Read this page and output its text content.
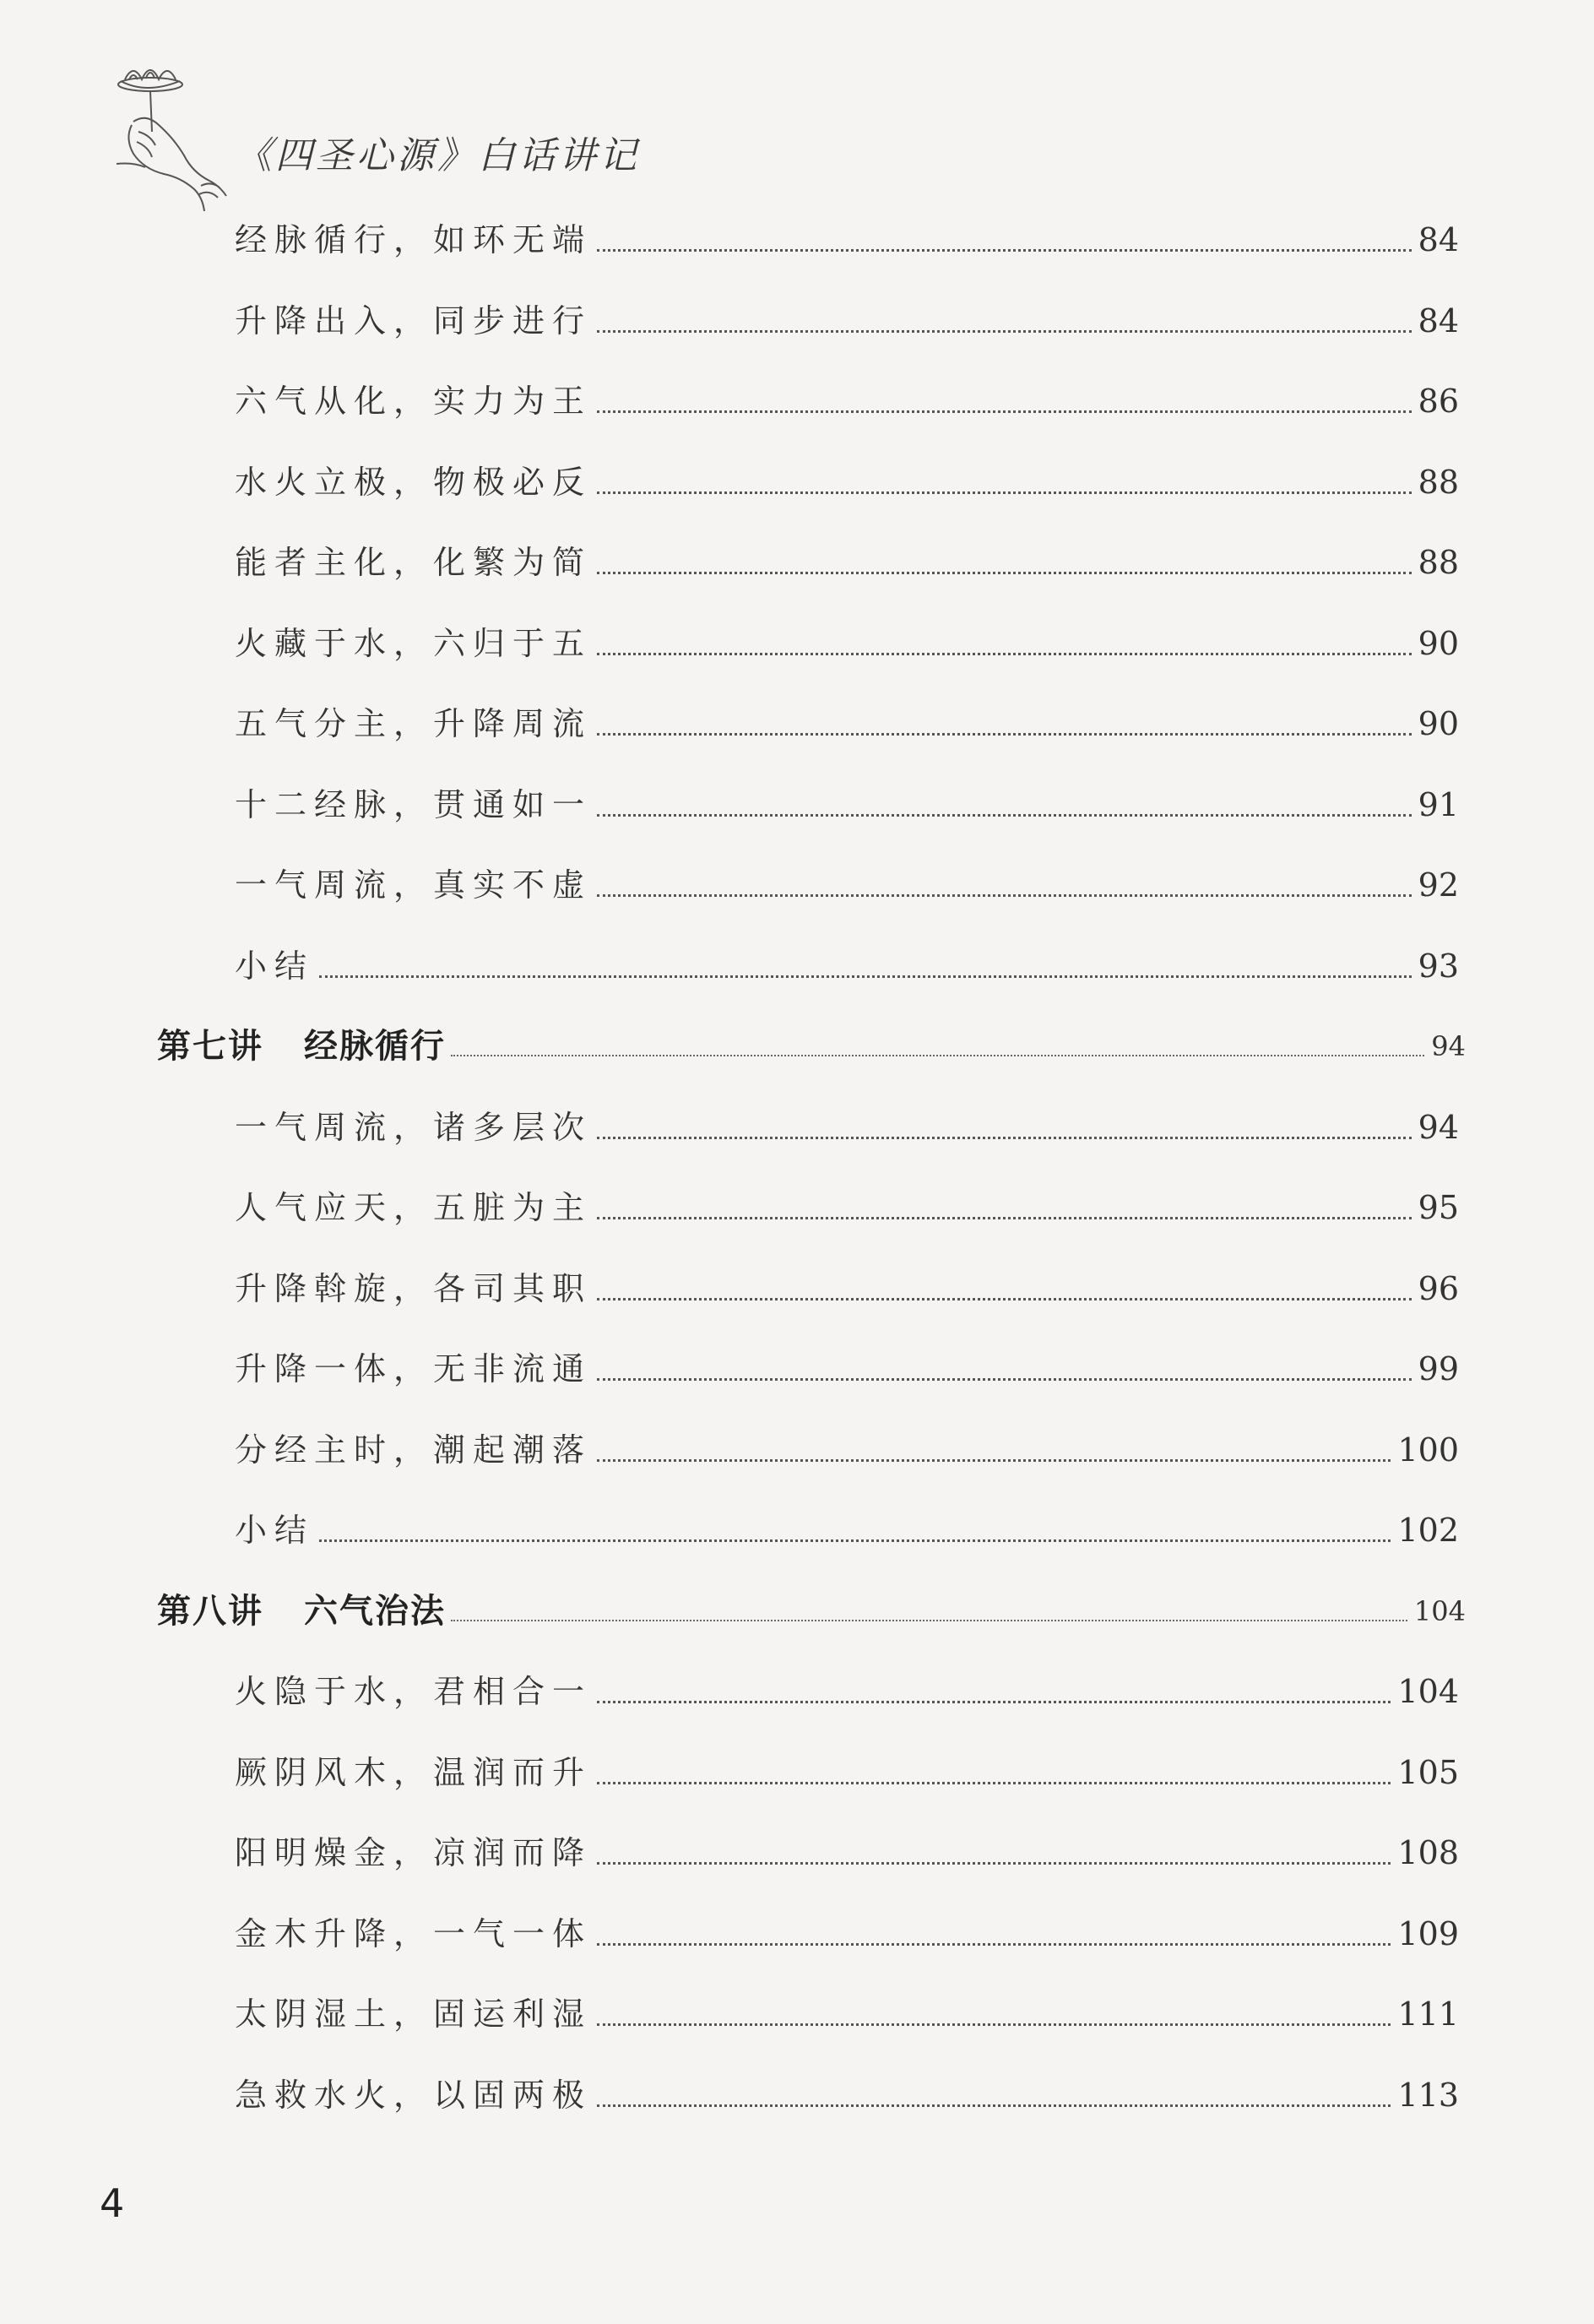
《四圣心源》白话讲记
经脉循行，如环无端	84
升降出入，同步进行	84
六气从化，实力为王	86
水火立极，物极必反	88
能者主化，化繁为简	88
火藏于水，六归于五	90
五气分主，升降周流	90
十二经脉，贯通如一	91
一气周流，真实不虚	92
小结	93
第七讲 经脉循行	94
一气周流，诸多层次	94
人气应天，五脏为主	95
升降斡旋，各司其职	96
升降一体，无非流通	99
分经主时，潮起潮落	100
小结	102
第八讲 六气治法	104
火隐于水，君相合一	104
厥阴风木，温润而升	105
阳明燥金，凉润而降	108
金木升降，一气一体	109
太阴湿土，固运利湿	111
急救水火，以固两极	113
4
